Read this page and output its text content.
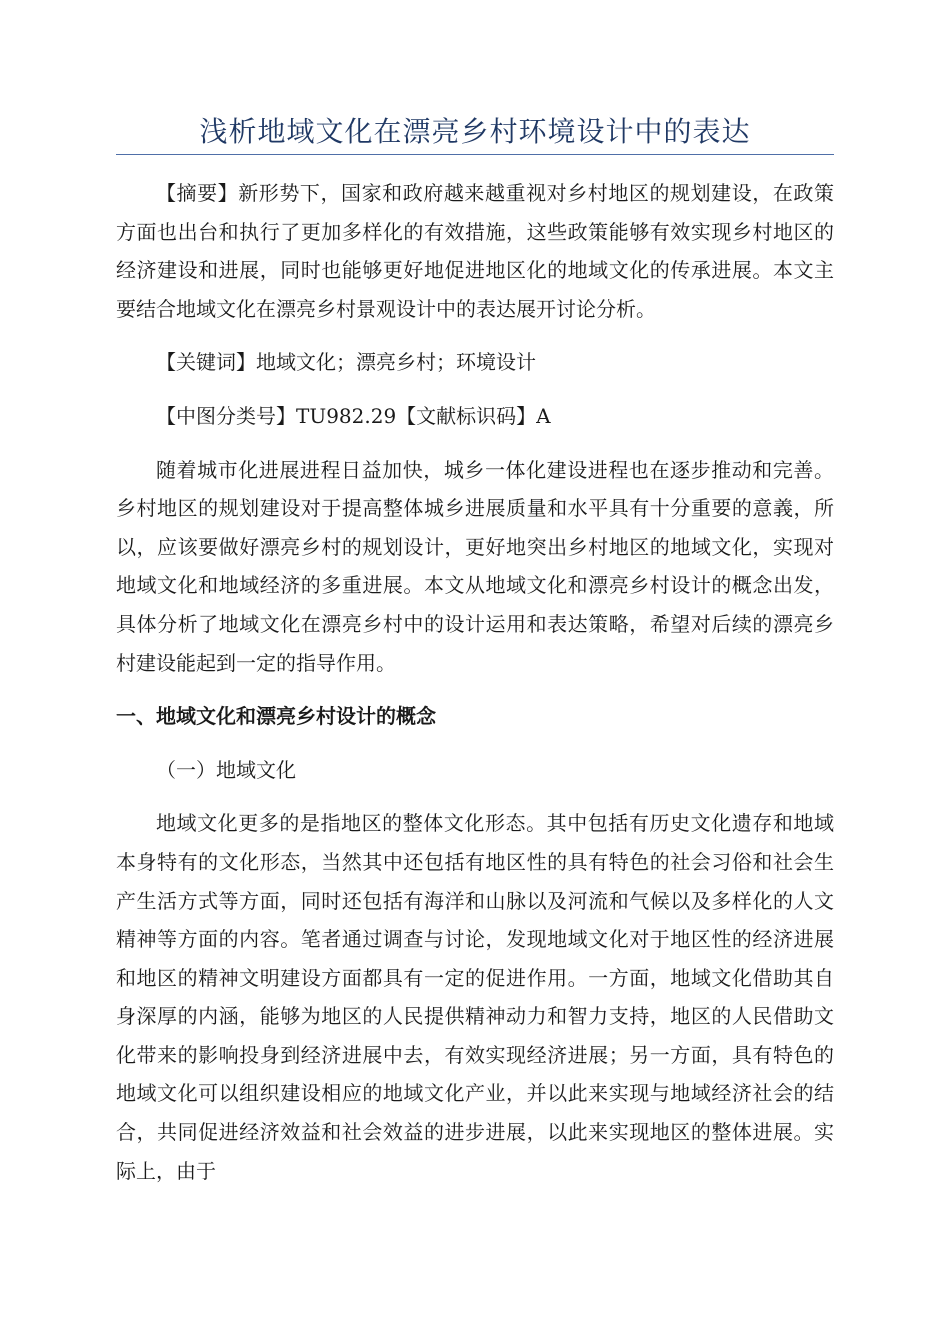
浅析地域文化在漂亮乡村环境设计中的表达

【摘要】新形势下，国家和政府越来越重视对乡村地区的规划建设，在政策方面也出台和执行了更加多样化的有效措施，这些政策能够有效实现乡村地区的经济建设和进展，同时也能够更好地促进地区化的地域文化的传承进展。本文主要结合地域文化在漂亮乡村景观设计中的表达展开讨论分析。

【关键词】地域文化；漂亮乡村；环境设计

【中图分类号】TU982.29【文献标识码】A

随着城市化进展进程日益加快，城乡一体化建设进程也在逐步推动和完善。乡村地区的规划建设对于提高整体城乡进展质量和水平具有十分重要的意義，所以，应该要做好漂亮乡村的规划设计，更好地突出乡村地区的地域文化，实现对地域文化和地域经济的多重进展。本文从地域文化和漂亮乡村设计的概念出发，具体分析了地域文化在漂亮乡村中的设计运用和表达策略，希望对后续的漂亮乡村建设能起到一定的指导作用。

一、地域文化和漂亮乡村设计的概念
（一）地域文化

地域文化更多的是指地区的整体文化形态。其中包括有历史文化遗存和地域本身特有的文化形态，当然其中还包括有地区性的具有特色的社会习俗和社会生产生活方式等方面，同时还包括有海洋和山脉以及河流和气候以及多样化的人文精神等方面的内容。笔者通过调查与讨论，发现地域文化对于地区性的经济进展和地区的精神文明建设方面都具有一定的促进作用。一方面，地域文化借助其自身深厚的内涵，能够为地区的人民提供精神动力和智力支持，地区的人民借助文化带来的影响投身到经济进展中去，有效实现经济进展；另一方面，具有特色的地域文化可以组织建设相应的地域文化产业，并以此来实现与地域经济社会的结合，共同促进经济效益和社会效益的进步进展，以此来实现地区的整体进展。实际上，由于
